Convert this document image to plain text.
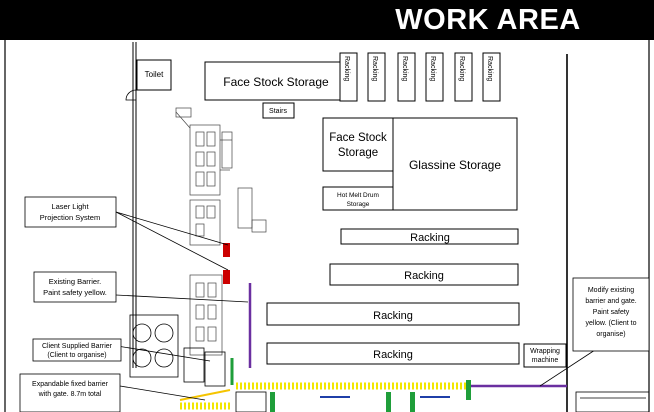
WORK AREA
Toilet
Face Stock Storage
Stairs
Racking	Racking	Racking	Racking	Racking	Racking
Face Stock
Storage
Glassine Storage
Hot Melt Drum
Storage
Racking
Racking
Racking
Racking	Wrapping
machine
Laser Light
Projection System
Existing Barrier.
Paint safety yellow.
Client Supplied Barrier
(Client to organise)
Expandable fixed barrier
with gate. 8.7m total
Modify existing
barrier and gate.
Paint safety
yellow. (Client to
organise)
